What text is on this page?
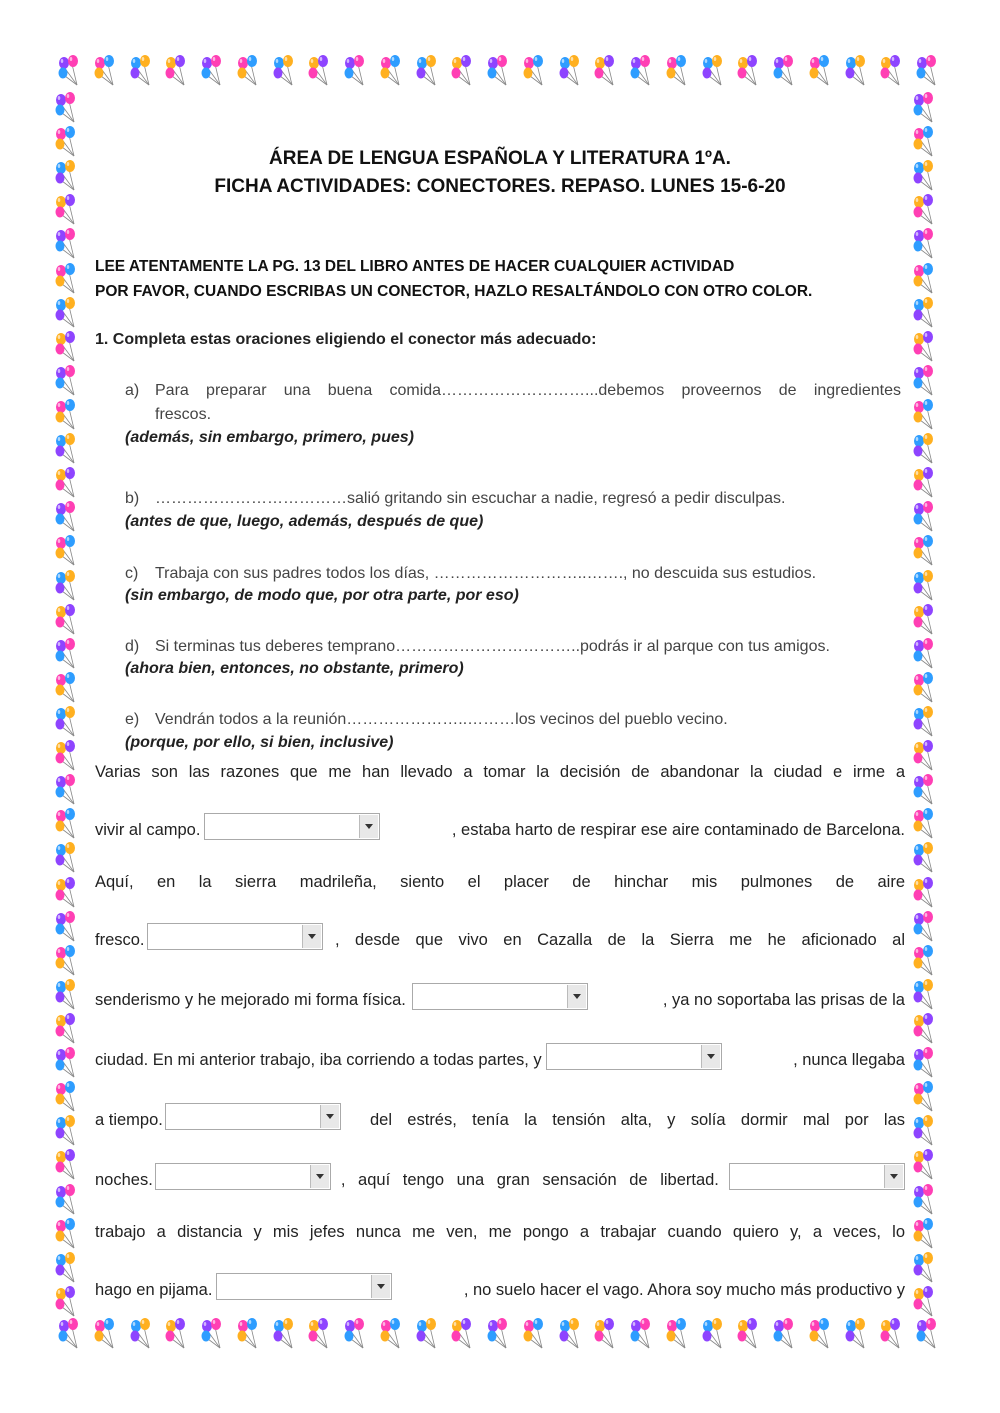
ÁREA DE LENGUA ESPAÑOLA Y LITERATURA 1ºA.
FICHA ACTIVIDADES: CONECTORES. REPASO. LUNES 15-6-20
LEE ATENTAMENTE LA PG. 13 DEL LIBRO ANTES DE HACER CUALQUIER ACTIVIDAD
POR FAVOR, CUANDO ESCRIBAS UN CONECTOR, HAZLO RESALTÁNDOLO CON OTRO COLOR.
1. Completa estas oraciones eligiendo el conector más adecuado:
a) Para preparar una buena comida………………………...debemos proveernos de ingredientes
frescos.
(además, sin embargo, primero, pues)
b) ………………………………salió gritando sin escuchar a nadie, regresó a pedir disculpas.
(antes de que, luego, además, después de que)
c) Trabaja con sus padres todos los días, ………………………..……., no descuida sus estudios.
(sin embargo, de modo que, por otra parte, por eso)
d) Si terminas tus deberes temprano……………………………..podrás ir al parque con tus amigos.
(ahora bien, entonces, no obstante, primero)
e) Vendrán todos a la reunión…………………..………los vecinos del pueblo vecino.
(porque, por ello, si bien, inclusive)
Varias son las razones que me han llevado a tomar la decisión de abandonar la ciudad e irme a
vivir al campo.	, estaba harto de respirar ese aire contaminado de Barcelona.
Aquí, en la sierra madrileña, siento el placer de hinchar mis pulmones de aire
fresco.	, desde que vivo en Cazalla de la Sierra me he aficionado al
senderismo y he mejorado mi forma física.	, ya no soportaba las prisas de la
ciudad. En mi anterior trabajo, iba corriendo a todas partes, y	, nunca llegaba
a tiempo.	del estrés, tenía la tensión alta, y solía dormir mal por las
noches.	, aquí tengo una gran sensación de libertad.
trabajo a distancia y mis jefes nunca me ven, me pongo a trabajar cuando quiero y, a veces, lo
hago en pijama.	, no suelo hacer el vago. Ahora soy mucho más productivo y
